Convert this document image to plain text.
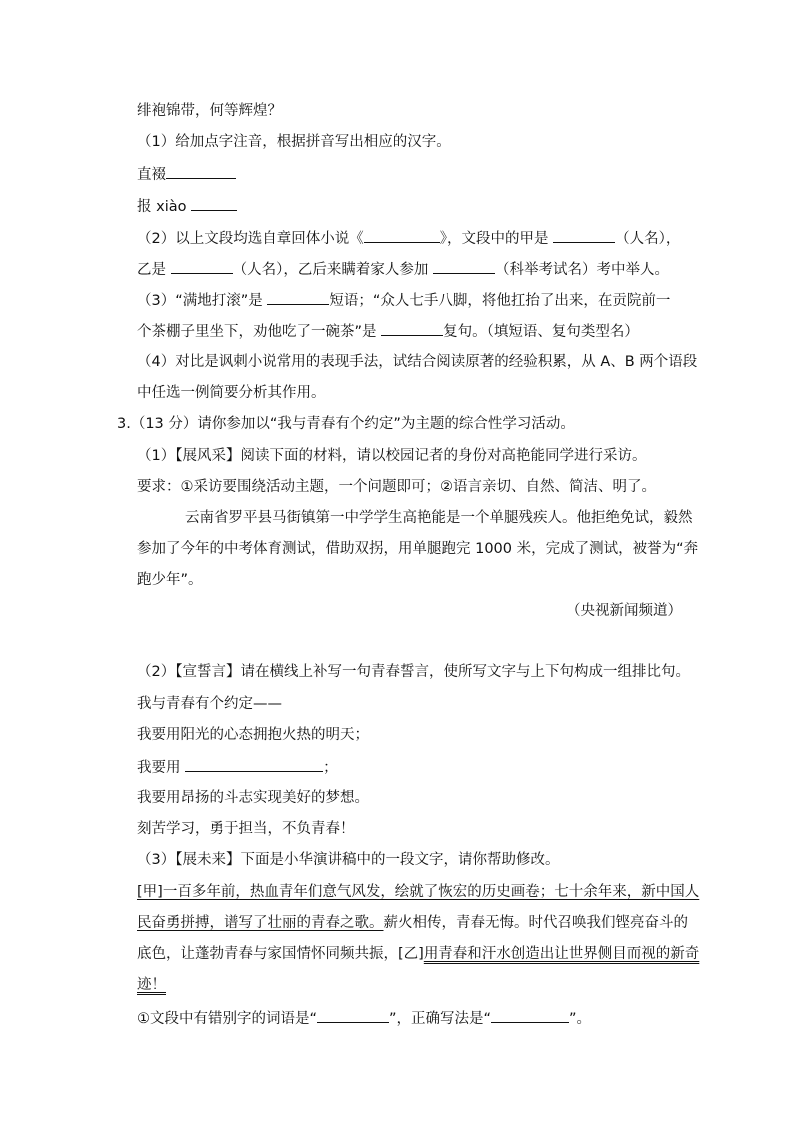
绯袍锦带，何等辉煌？
（1）给加点字注音，根据拼音写出相应的汉字。
直裰
报 xiào
（2）以上文段均选自章回体小说《	》，文段中的甲是	（人名），
乙是	（人名），乙后来瞒着家人参加	（科举考试名）考中举人。
（3）“满地打滚”是	短语；“众人七手八脚，将他扛抬了出来，在贡院前一
个茶棚子里坐下，劝他吃了一碗茶”是	复句。（填短语、复句类型名）
（4）对比是讽刺小说常用的表现手法，试结合阅读原著的经验积累，从 A、B 两个语段
中任选一例简要分析其作用。
3.（13 分）请你参加以“我与青春有个约定”为主题的综合性学习活动。
（1）【展风采】阅读下面的材料，请以校园记者的身份对高艳能同学进行采访。
要求：①采访要围绕活动主题，一个问题即可；②语言亲切、自然、简洁、明了。
云南省罗平县马街镇第一中学学生高艳能是一个单腿残疾人。他拒绝免试，毅然
参加了今年的中考体育测试，借助双拐，用单腿跑完 1000 米，完成了测试，被誉为“奔
跑少年”。
（央视新闻频道）
（2）【宣誓言】请在横线上补写一句青春誓言，使所写文字与上下句构成一组排比句。
我与青春有个约定——
我要用阳光的心态拥抱火热的明天；
我要用	；
我要用昂扬的斗志实现美好的梦想。
刻苦学习，勇于担当，不负青春！
（3）【展未来】下面是小华演讲稿中的一段文字，请你帮助修改。
[甲]一百多年前，热血青年们意气风发，绘就了恢宏的历史画卷；七十余年来，新中国人
民奋勇拼搏，谱写了壮丽的青春之歌。薪火相传，青春无悔。时代召唤我们铿亮奋斗的
底色，让蓬勃青春与家国情怀同频共振，[乙]用青春和汗水创造出让世界侧目而视的新奇
迹！
①文段中有错别字的词语是“	”，正确写法是“	”。
